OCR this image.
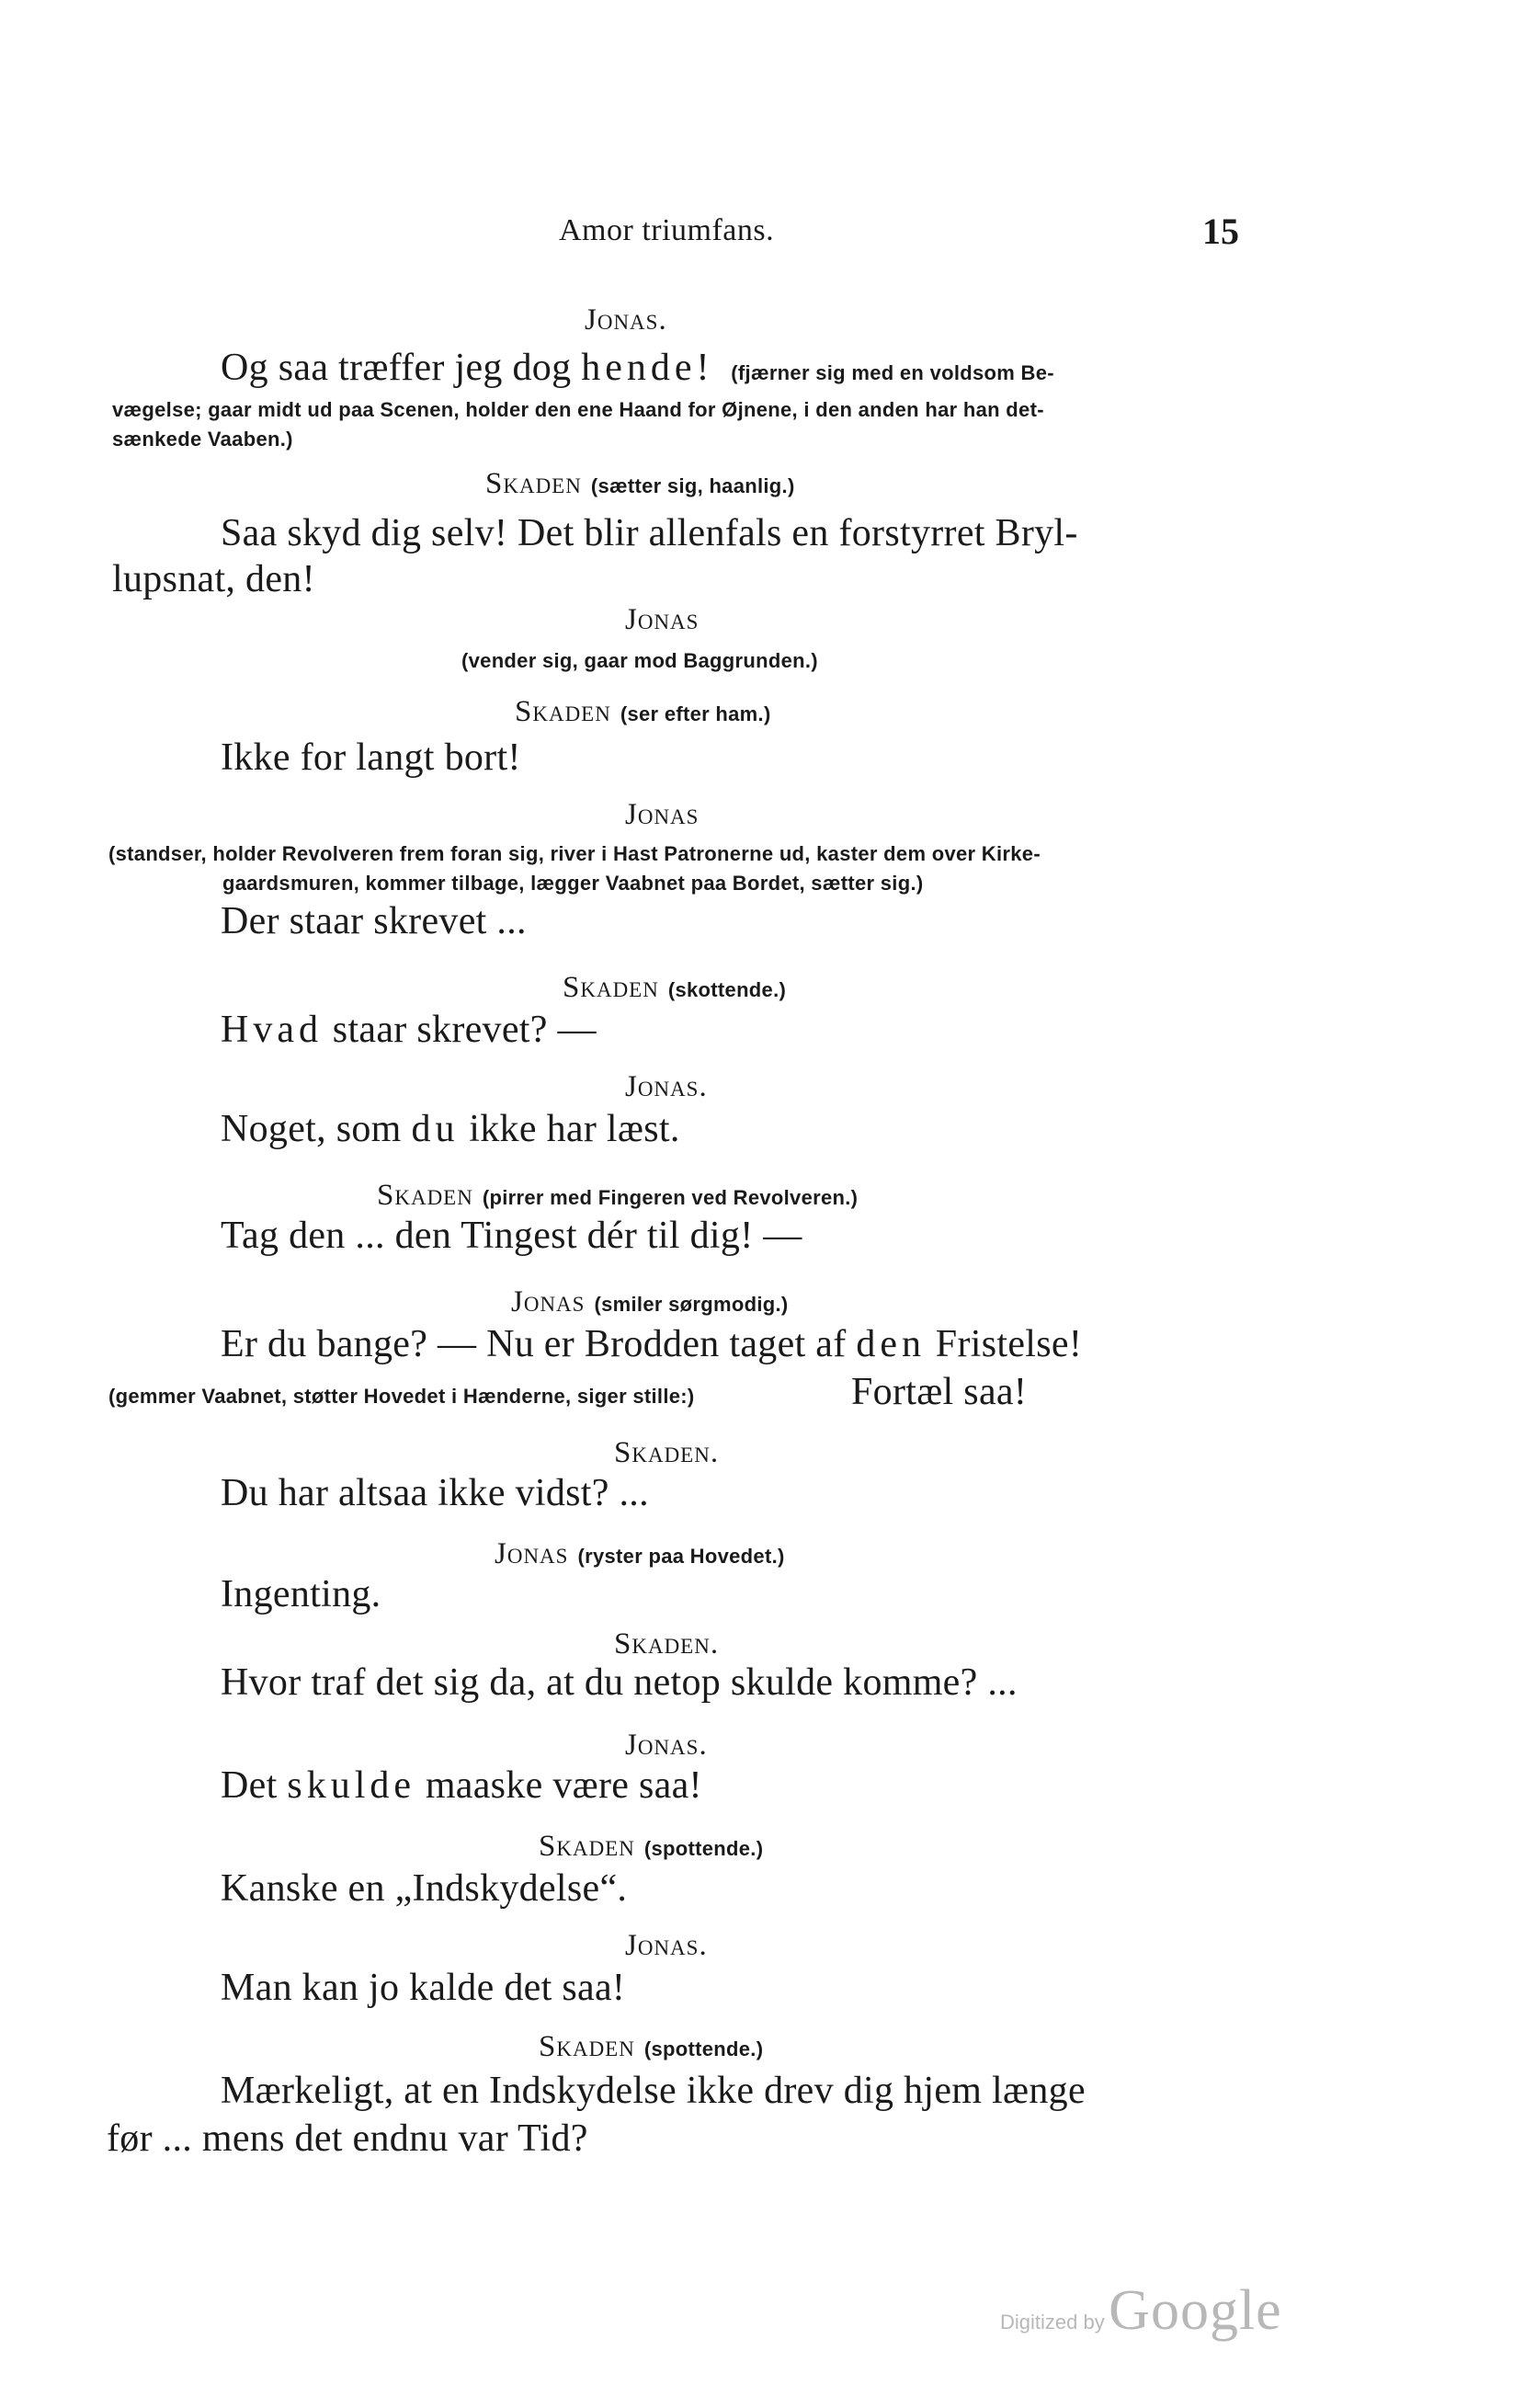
Amor triumfans.	15
Jonas.
Og saa træffer jeg dog hende! (fjærner sig med en voldsom Be-
vægelse; gaar midt ud paa Scenen, holder den ene Haand for Øjnene, i den anden har han det-
sænkede Vaaben.)
Skaden (sætter sig, haanlig.)
Saa skyd dig selv! Det blir allenfals en forstyrret Bryl-
lupsnat, den!
Jonas
(vender sig, gaar mod Baggrunden.)
Skaden (ser efter ham.)
Ikke for langt bort!
Jonas
(standser, holder Revolveren frem foran sig, river i Hast Patronerne ud, kaster dem over Kirke-
gaardsmuren, kommer tilbage, lægger Vaabnet paa Bordet, sætter sig.)
Der staar skrevet ...
Skaden (skottende.)
Hvad staar skrevet? —
Jonas.
Noget, som du ikke har læst.
Skaden (pirrer med Fingeren ved Revolveren.)
Tag den ... den Tingest dér til dig! —
Jonas (smiler sørgmodig.)
Er du bange? — Nu er Brodden taget af den Fristelse!
(gemmer Vaabnet, støtter Hovedet i Hænderne, siger stille:)	Fortæl saa!
Skaden.
Du har altsaa ikke vidst? ...
Jonas (ryster paa Hovedet.)
Ingenting.
Skaden.
Hvor traf det sig da, at du netop skulde komme? ...
Jonas.
Det skulde maaske være saa!
Skaden (spottende.)
Kanske en „Indskydelse“.
Jonas.
Man kan jo kalde det saa!
Skaden (spottende.)
Mærkeligt, at en Indskydelse ikke drev dig hjem længe
før ... mens det endnu var Tid?
Digitized by Google
